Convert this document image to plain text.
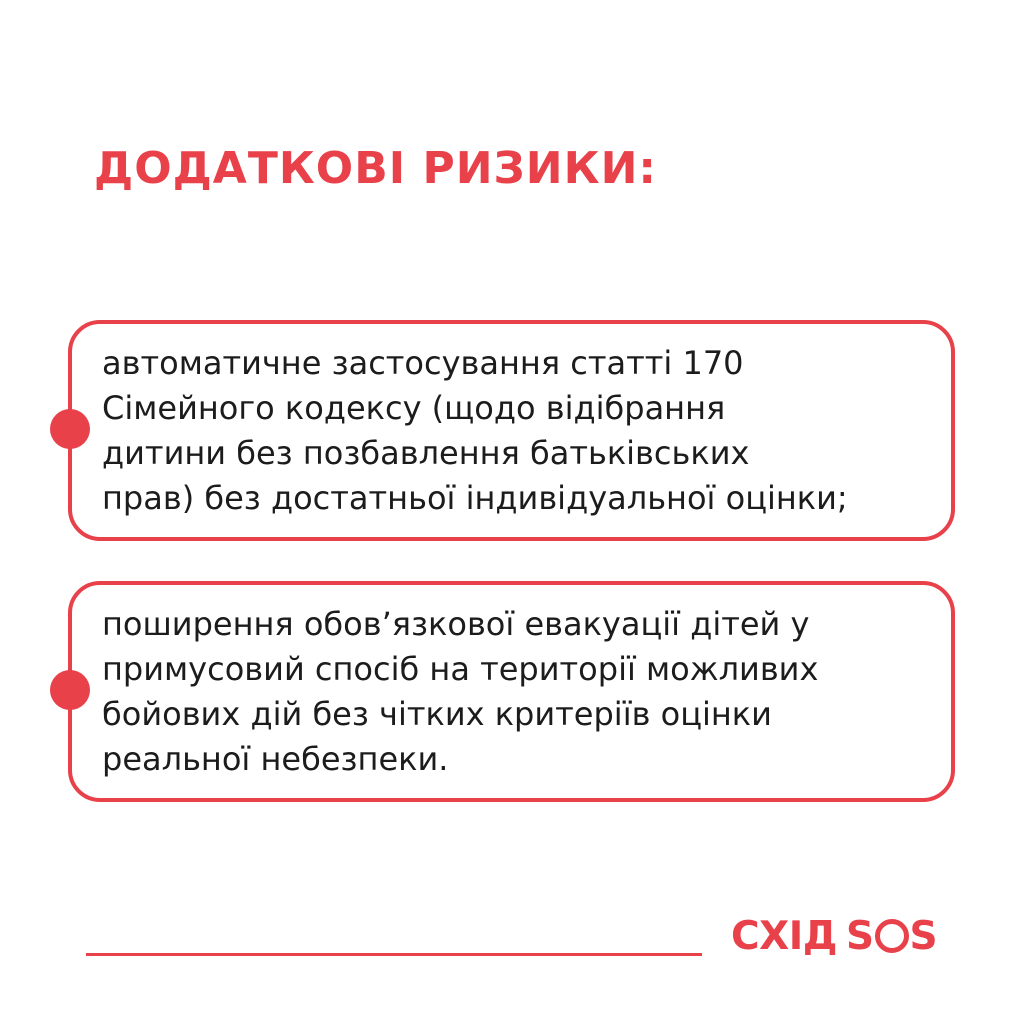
ДОДАТКОВІ РИЗИКИ:

автоматичне застосування статті 170
Сімейного кодексу (щодо відібрання
дитини без позбавлення батьківських
прав) без достатньої індивідуальної оцінки;

поширення обов’язкової евакуації дітей у
примусовий спосіб на території можливих
бойових дій без чітких критеріїв оцінки
реальної небезпеки.

СХІД S S
